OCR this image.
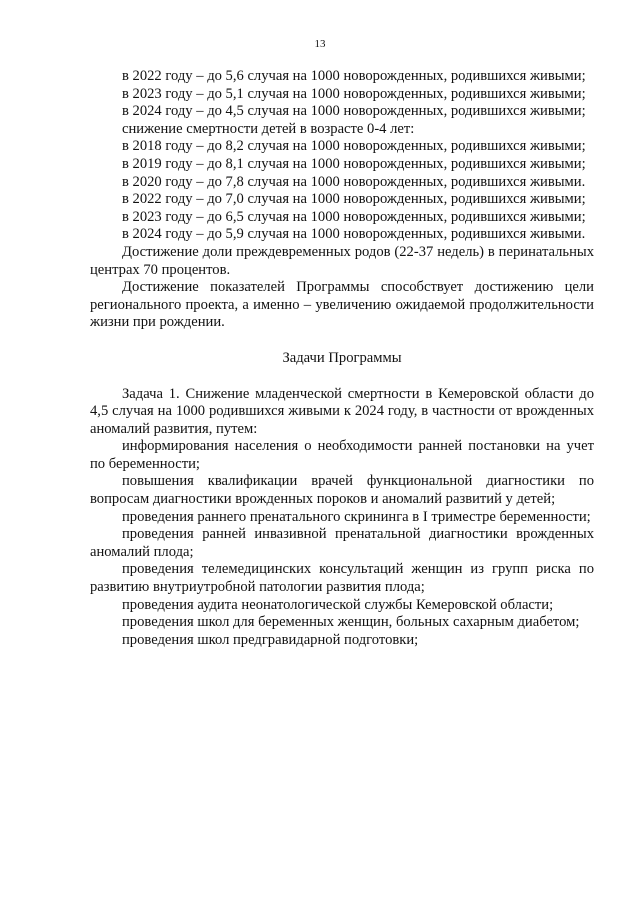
13

в 2022 году – до 5,6 случая на 1000 новорожденных, родившихся живыми;

в 2023 году – до 5,1 случая на 1000 новорожденных, родившихся живыми;

в 2024 году – до 4,5 случая на 1000 новорожденных, родившихся живыми;

снижение смертности детей в возрасте 0-4 лет:

в 2018 году – до 8,2 случая на 1000 новорожденных, родившихся живыми;

в 2019 году – до 8,1 случая на 1000 новорожденных, родившихся живыми;

в 2020 году – до 7,8 случая на 1000 новорожденных, родившихся живыми.

в 2022 году – до 7,0 случая на 1000 новорожденных, родившихся живыми;

в 2023 году – до 6,5 случая на 1000 новорожденных, родившихся живыми;

в 2024 году – до 5,9 случая на 1000 новорожденных, родившихся живыми.

Достижение доли преждевременных родов (22-37 недель) в перинатальных центрах 70 процентов.

Достижение показателей Программы способствует достижению цели регионального проекта, а именно – увеличению ожидаемой продолжительности жизни при рождении.

Задачи Программы

Задача 1. Снижение младенческой смертности в Кемеровской области до 4,5 случая на 1000 родившихся живыми к 2024 году, в частности от врожденных аномалий развития, путем:

информирования населения о необходимости ранней постановки на учет по беременности;

повышения квалификации врачей функциональной диагностики по вопросам диагностики врожденных пороков и аномалий развитий у детей;

проведения раннего пренатального скрининга в I триместре беременности;

проведения ранней инвазивной пренатальной диагностики врожденных аномалий плода;

проведения телемедицинских консультаций женщин из групп риска по развитию внутриутробной патологии развития плода;

проведения аудита неонатологической службы Кемеровской области;

проведения школ для беременных женщин, больных сахарным диабетом;

проведения школ предгравидарной подготовки;
